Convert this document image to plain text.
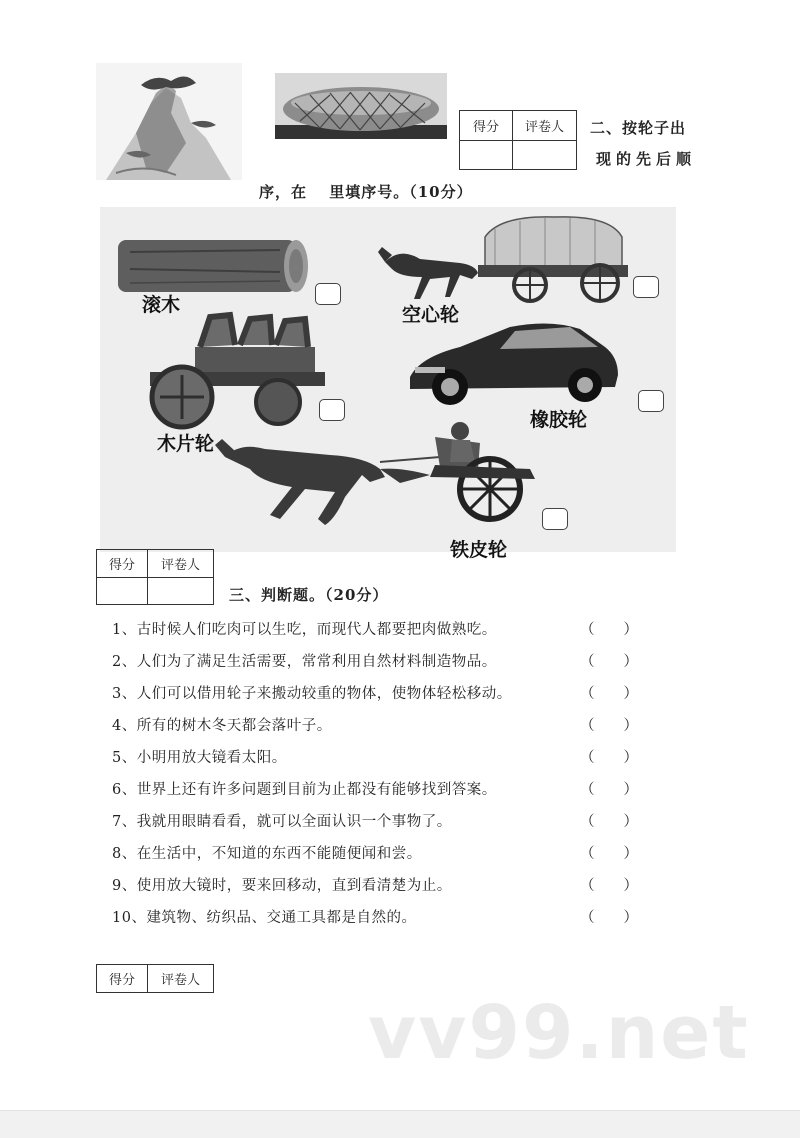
得分	评卷人
	二、按轮子出
现的先后顺
序，在　 里填序号。（10分）
滚木	空心轮
木片轮
橡胶轮
铁皮轮
得分	评卷人

三、判断题。（20分）
1、古时候人们吃肉可以生吃，而现代人都要把肉做熟吃。	（　　）
2、人们为了满足生活需要，常常利用自然材料制造物品。	（　　）
3、人们可以借用轮子来搬动较重的物体，使物体轻松移动。	（　　）
4、所有的树木冬天都会落叶子。	（　　）
5、小明用放大镜看太阳。	（　　）
6、世界上还有许多问题到目前为止都没有能够找到答案。	（　　）
7、我就用眼睛看看，就可以全面认识一个事物了。	（　　）
8、在生活中，不知道的东西不能随便闻和尝。	（　　）
9、使用放大镜时，要来回移动，直到看清楚为止。	（　　）
10、建筑物、纺织品、交通工具都是自然的。	（　　）
得分	评卷人
vv99.net
